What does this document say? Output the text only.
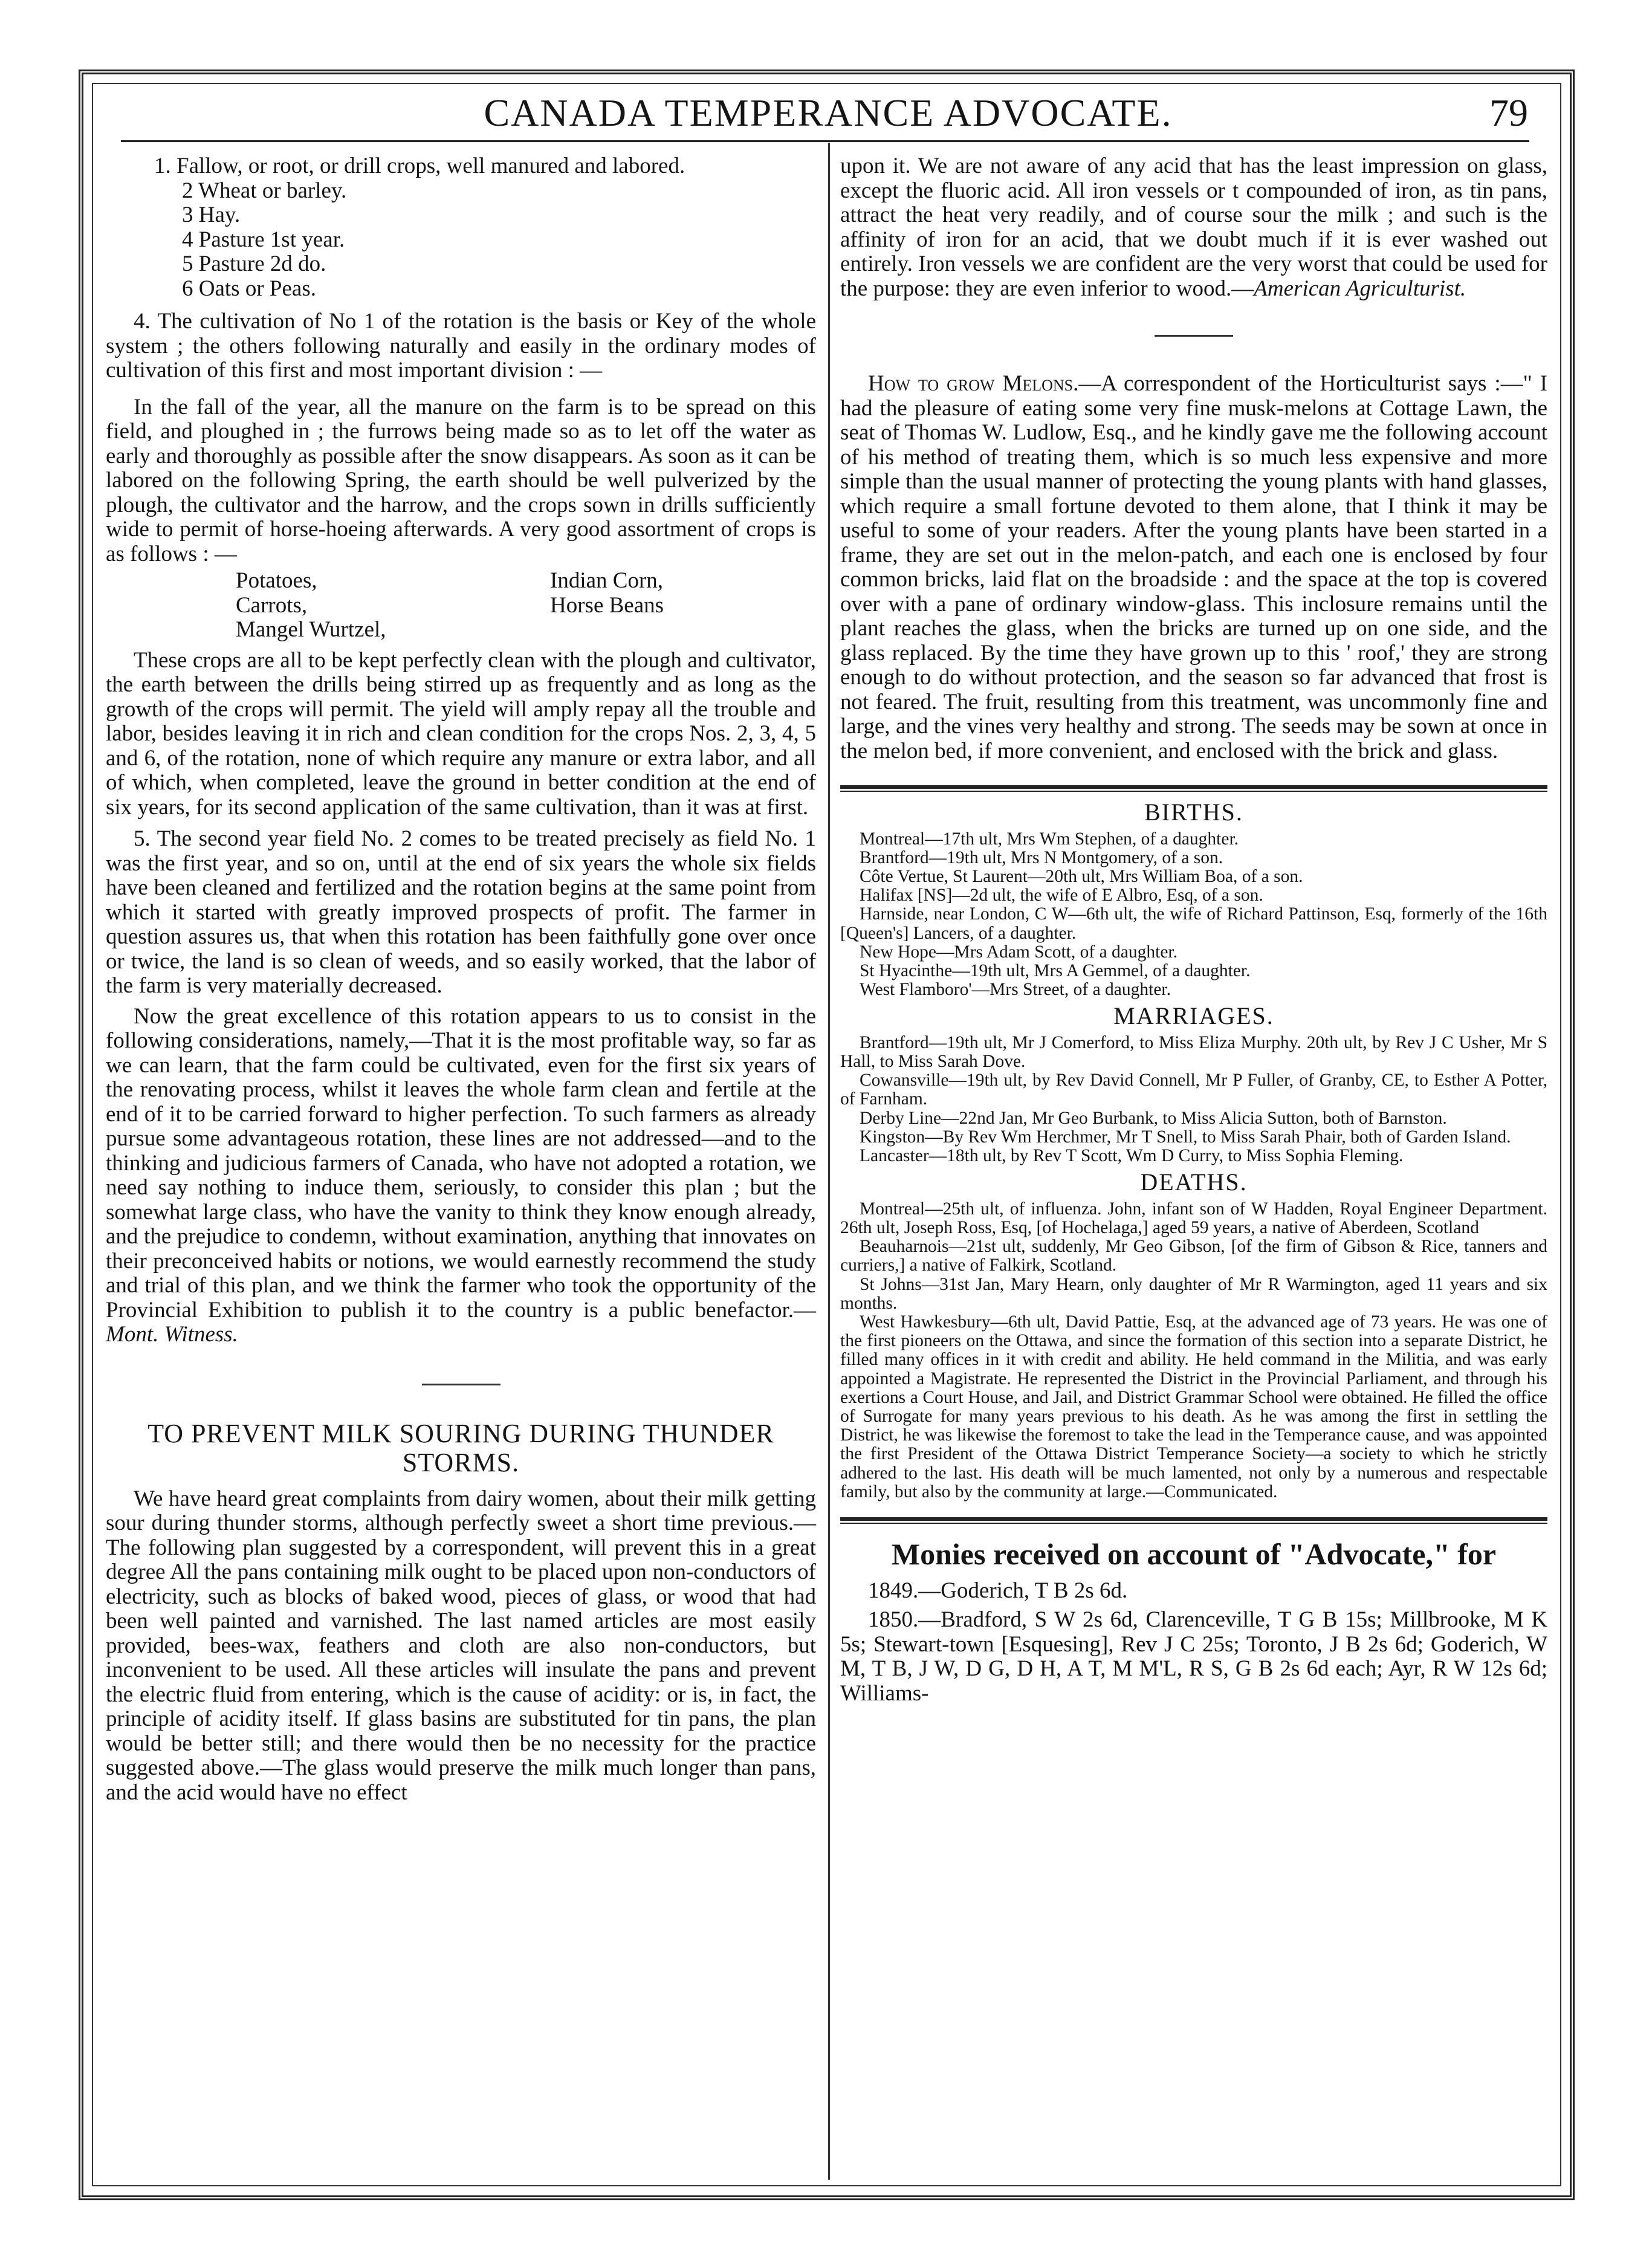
CANADA TEMPERANCE ADVOCATE.	79

1. Fallow, or root, or drill crops, well manured and labored.

2 Wheat or barley.

3 Hay.

4 Pasture 1st year.

5 Pasture 2d do.

6 Oats or Peas.

4. The cultivation of No 1 of the rotation is the basis or Key of the whole system ; the others following naturally and easily in the ordinary modes of cultivation of this first and most important division : —

In the fall of the year, all the manure on the farm is to be spread on this field, and ploughed in ; the furrows being made so as to let off the water as early and thoroughly as possible after the snow disappears. As soon as it can be labored on the following Spring, the earth should be well pulverized by the plough, the cultivator and the harrow, and the crops sown in drills sufficiently wide to permit of horse-hoeing afterwards. A very good assortment of crops is as follows : —

Potatoes,	Indian Corn,
Carrots,	Horse Beans
Mangel Wurtzel,

These crops are all to be kept perfectly clean with the plough and cultivator, the earth between the drills being stirred up as frequently and as long as the growth of the crops will permit. The yield will amply repay all the trouble and labor, besides leaving it in rich and clean condition for the crops Nos. 2, 3, 4, 5 and 6, of the rotation, none of which require any manure or extra labor, and all of which, when completed, leave the ground in better condition at the end of six years, for its second application of the same cultivation, than it was at first.

5. The second year field No. 2 comes to be treated precisely as field No. 1 was the first year, and so on, until at the end of six years the whole six fields have been cleaned and fertilized and the rotation begins at the same point from which it started with greatly improved prospects of profit. The farmer in question assures us, that when this rotation has been faithfully gone over once or twice, the land is so clean of weeds, and so easily worked, that the labor of the farm is very materially decreased.

Now the great excellence of this rotation appears to us to consist in the following considerations, namely,—That it is the most profitable way, so far as we can learn, that the farm could be cultivated, even for the first six years of the renovating process, whilst it leaves the whole farm clean and fertile at the end of it to be carried forward to higher perfection. To such farmers as already pursue some advantageous rotation, these lines are not addressed—and to the thinking and judicious farmers of Canada, who have not adopted a rotation, we need say nothing to induce them, seriously, to consider this plan ; but the somewhat large class, who have the vanity to think they know enough already, and the prejudice to condemn, without examination, anything that innovates on their preconceived habits or notions, we would earnestly recommend the study and trial of this plan, and we think the farmer who took the opportunity of the Provincial Exhibition to publish it to the country is a public benefactor.—Mont. Witness.

TO PREVENT MILK SOURING DURING THUNDER STORMS.

We have heard great complaints from dairy women, about their milk getting sour during thunder storms, although perfectly sweet a short time previous.—The following plan suggested by a correspondent, will prevent this in a great degree All the pans containing milk ought to be placed upon non-conductors of electricity, such as blocks of baked wood, pieces of glass, or wood that had been well painted and varnished. The last named articles are most easily provided, bees-wax, feathers and cloth are also non-conductors, but inconvenient to be used. All these articles will insulate the pans and prevent the electric fluid from entering, which is the cause of acidity: or is, in fact, the principle of acidity itself. If glass basins are substituted for tin pans, the plan would be better still; and there would then be no necessity for the practice suggested above.—The glass would preserve the milk much longer than pans, and the acid would have no effect

upon it. We are not aware of any acid that has the least impression on glass, except the fluoric acid. All iron vessels or t compounded of iron, as tin pans, attract the heat very readily, and of course sour the milk ; and such is the affinity of iron for an acid, that we doubt much if it is ever washed out entirely. Iron vessels we are confident are the very worst that could be used for the purpose: they are even inferior to wood.—American Agriculturist.

How to grow Melons.—A correspondent of the Horticulturist says :—" I had the pleasure of eating some very fine musk-melons at Cottage Lawn, the seat of Thomas W. Ludlow, Esq., and he kindly gave me the following account of his method of treating them, which is so much less expensive and more simple than the usual manner of protecting the young plants with hand glasses, which require a small fortune devoted to them alone, that I think it may be useful to some of your readers. After the young plants have been started in a frame, they are set out in the melon-patch, and each one is enclosed by four common bricks, laid flat on the broadside : and the space at the top is covered over with a pane of ordinary window-glass. This inclosure remains until the plant reaches the glass, when the bricks are turned up on one side, and the glass replaced. By the time they have grown up to this ' roof,' they are strong enough to do without protection, and the season so far advanced that frost is not feared. The fruit, resulting from this treatment, was uncommonly fine and large, and the vines very healthy and strong. The seeds may be sown at once in the melon bed, if more convenient, and enclosed with the brick and glass.

BIRTHS.

Montreal—17th ult, Mrs Wm Stephen, of a daughter.

Brantford—19th ult, Mrs N Montgomery, of a son.

Côte Vertue, St Laurent—20th ult, Mrs William Boa, of a son.

Halifax [NS]—2d ult, the wife of E Albro, Esq, of a son.

Harnside, near London, C W—6th ult, the wife of Richard Pattinson, Esq, formerly of the 16th [Queen's] Lancers, of a daughter.

New Hope—Mrs Adam Scott, of a daughter.

St Hyacinthe—19th ult, Mrs A Gemmel, of a daughter.

West Flamboro'—Mrs Street, of a daughter.

MARRIAGES.

Brantford—19th ult, Mr J Comerford, to Miss Eliza Murphy. 20th ult, by Rev J C Usher, Mr S Hall, to Miss Sarah Dove.

Cowansville—19th ult, by Rev David Connell, Mr P Fuller, of Granby, CE, to Esther A Potter, of Farnham.

Derby Line—22nd Jan, Mr Geo Burbank, to Miss Alicia Sutton, both of Barnston.

Kingston—By Rev Wm Herchmer, Mr T Snell, to Miss Sarah Phair, both of Garden Island.

Lancaster—18th ult, by Rev T Scott, Wm D Curry, to Miss Sophia Fleming.

DEATHS.

Montreal—25th ult, of influenza. John, infant son of W Hadden, Royal Engineer Department. 26th ult, Joseph Ross, Esq, [of Hochelaga,] aged 59 years, a native of Aberdeen, Scotland

Beauharnois—21st ult, suddenly, Mr Geo Gibson, [of the firm of Gibson & Rice, tanners and curriers,] a native of Falkirk, Scotland.

St Johns—31st Jan, Mary Hearn, only daughter of Mr R Warmington, aged 11 years and six months.

West Hawkesbury—6th ult, David Pattie, Esq, at the advanced age of 73 years. He was one of the first pioneers on the Ottawa, and since the formation of this section into a separate District, he filled many offices in it with credit and ability. He held command in the Militia, and was early appointed a Magistrate. He represented the District in the Provincial Parliament, and through his exertions a Court House, and Jail, and District Grammar School were obtained. He filled the office of Surrogate for many years previous to his death. As he was among the first in settling the District, he was likewise the foremost to take the lead in the Temperance cause, and was appointed the first President of the Ottawa District Temperance Society—a society to which he strictly adhered to the last. His death will be much lamented, not only by a numerous and respectable family, but also by the community at large.—Communicated.

Monies received on account of "Advocate," for

1849.—Goderich, T B 2s 6d.

1850.—Bradford, S W 2s 6d, Clarenceville, T G B 15s; Millbrooke, M K 5s; Stewart-town [Esquesing], Rev J C 25s; Toronto, J B 2s 6d; Goderich, W M, T B, J W, D G, D H, A T, M M'L, R S, G B 2s 6d each; Ayr, R W 12s 6d; Williams-
